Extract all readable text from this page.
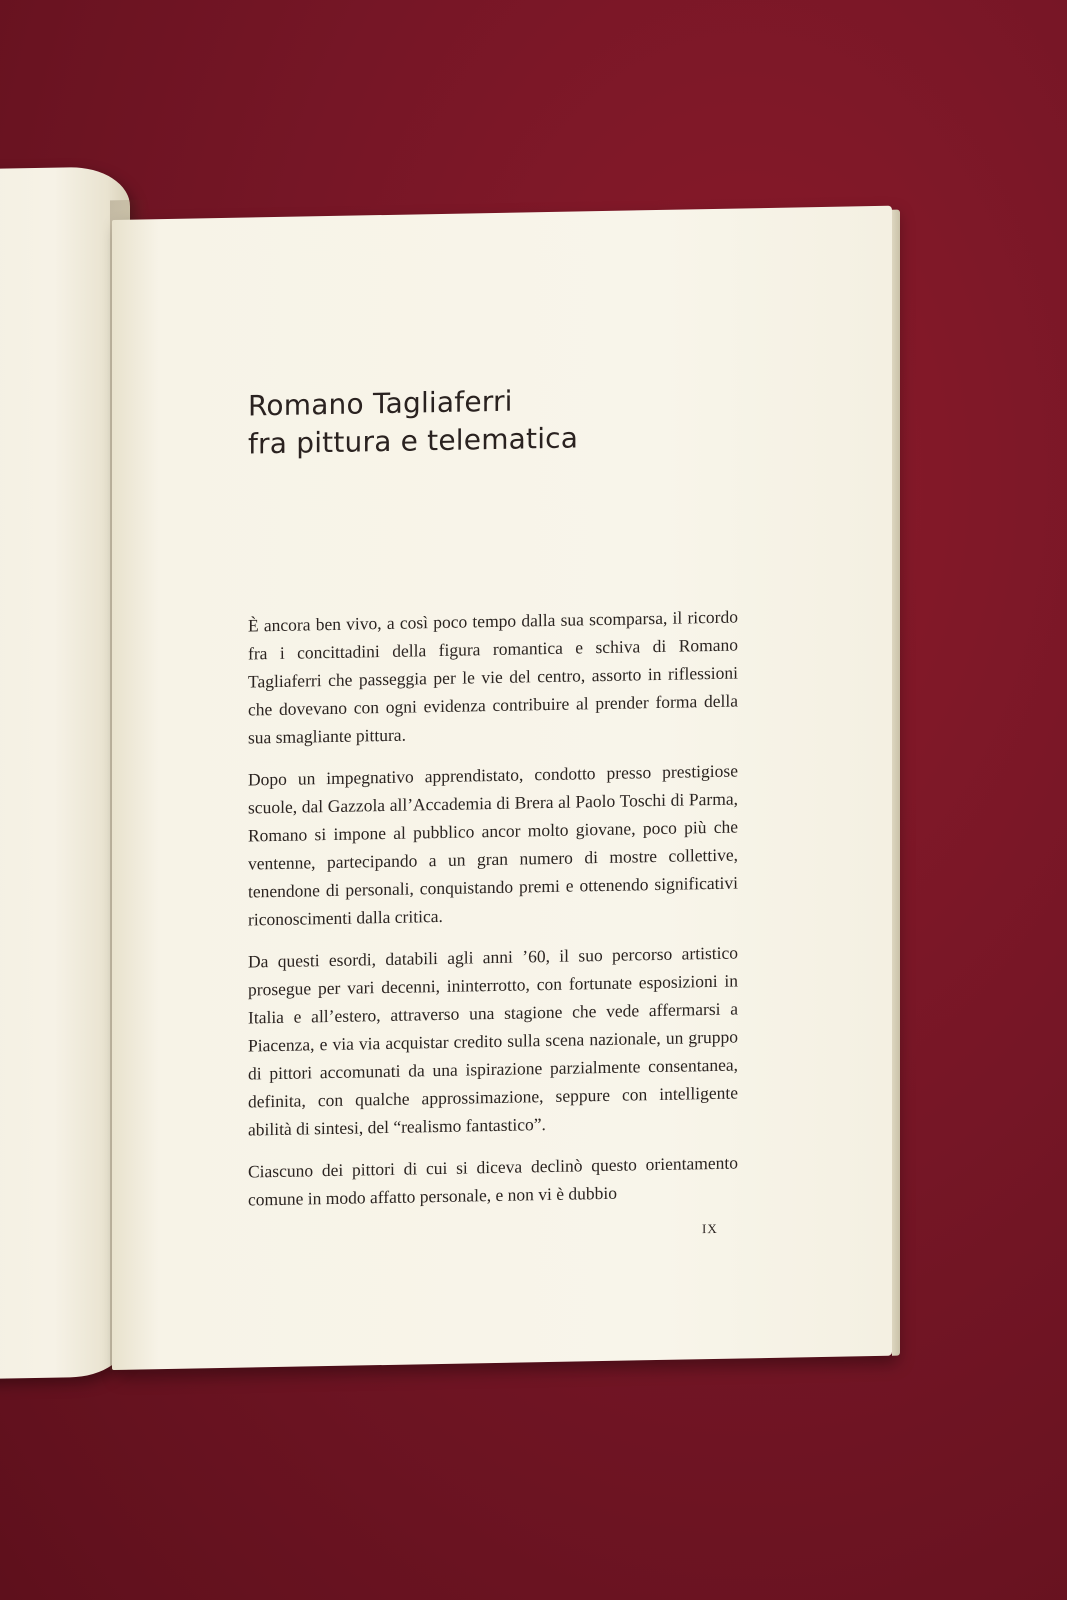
Romano Tagliaferri
fra pittura e telematica

È ancora ben vivo, a così poco tempo dalla sua scomparsa, il ricordo fra i concittadini della figura romantica e schiva di Romano Tagliaferri che passeggia per le vie del centro, assorto in riflessioni che dovevano con ogni evidenza contribuire al prender forma della sua smagliante pittura.

Dopo un impegnativo apprendistato, condotto presso prestigiose scuole, dal Gazzola all’Accademia di Brera al Paolo Toschi di Parma, Romano si impone al pubblico ancor molto giovane, poco più che ventenne, partecipando a un gran numero di mostre collettive, tenendone di personali, conquistando premi e ottenendo significativi riconoscimenti dalla critica.

Da questi esordi, databili agli anni ’60, il suo percorso artistico prosegue per vari decenni, ininterrotto, con fortunate esposizioni in Italia e all’estero, attraverso una stagione che vede affermarsi a Piacenza, e via via acquistar credito sulla scena nazionale, un gruppo di pittori accomunati da una ispirazione parzialmente consentanea, definita, con qualche approssimazione, seppure con intelligente abilità di sintesi, del “realismo fantastico”.

Ciascuno dei pittori di cui si diceva declinò questo orientamento comune in modo affatto personale, e non vi è dubbio

IX
